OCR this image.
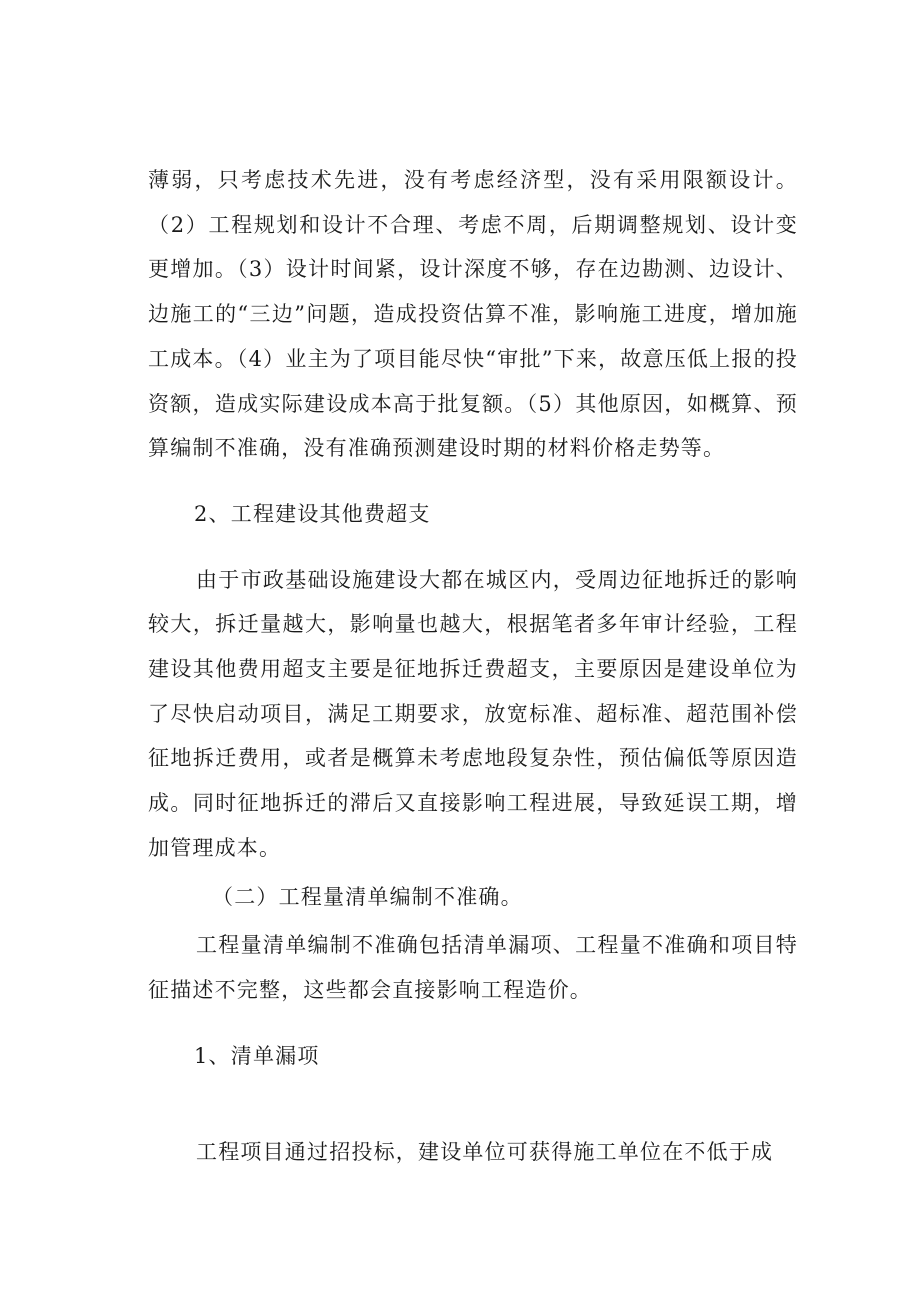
薄弱，只考虑技术先进，没有考虑经济型，没有采用限额设计。（2）工程规划和设计不合理、考虑不周，后期调整规划、设计变更增加。（3）设计时间紧，设计深度不够，存在边勘测、边设计、边施工的“三边”问题，造成投资估算不准，影响施工进度，增加施工成本。（4）业主为了项目能尽快“审批”下来，故意压低上报的投资额，造成实际建设成本高于批复额。（5）其他原因，如概算、预算编制不准确，没有准确预测建设时期的材料价格走势等。

2、工程建设其他费超支

由于市政基础设施建设大都在城区内，受周边征地拆迁的影响较大，拆迁量越大，影响量也越大，根据笔者多年审计经验，工程建设其他费用超支主要是征地拆迁费超支，主要原因是建设单位为了尽快启动项目，满足工期要求，放宽标准、超标准、超范围补偿征地拆迁费用，或者是概算未考虑地段复杂性，预估偏低等原因造成。同时征地拆迁的滞后又直接影响工程进展，导致延误工期，增加管理成本。

（二）工程量清单编制不准确。

工程量清单编制不准确包括清单漏项、工程量不准确和项目特征描述不完整，这些都会直接影响工程造价。

1、清单漏项

工程项目通过招投标，建设单位可获得施工单位在不低于成
